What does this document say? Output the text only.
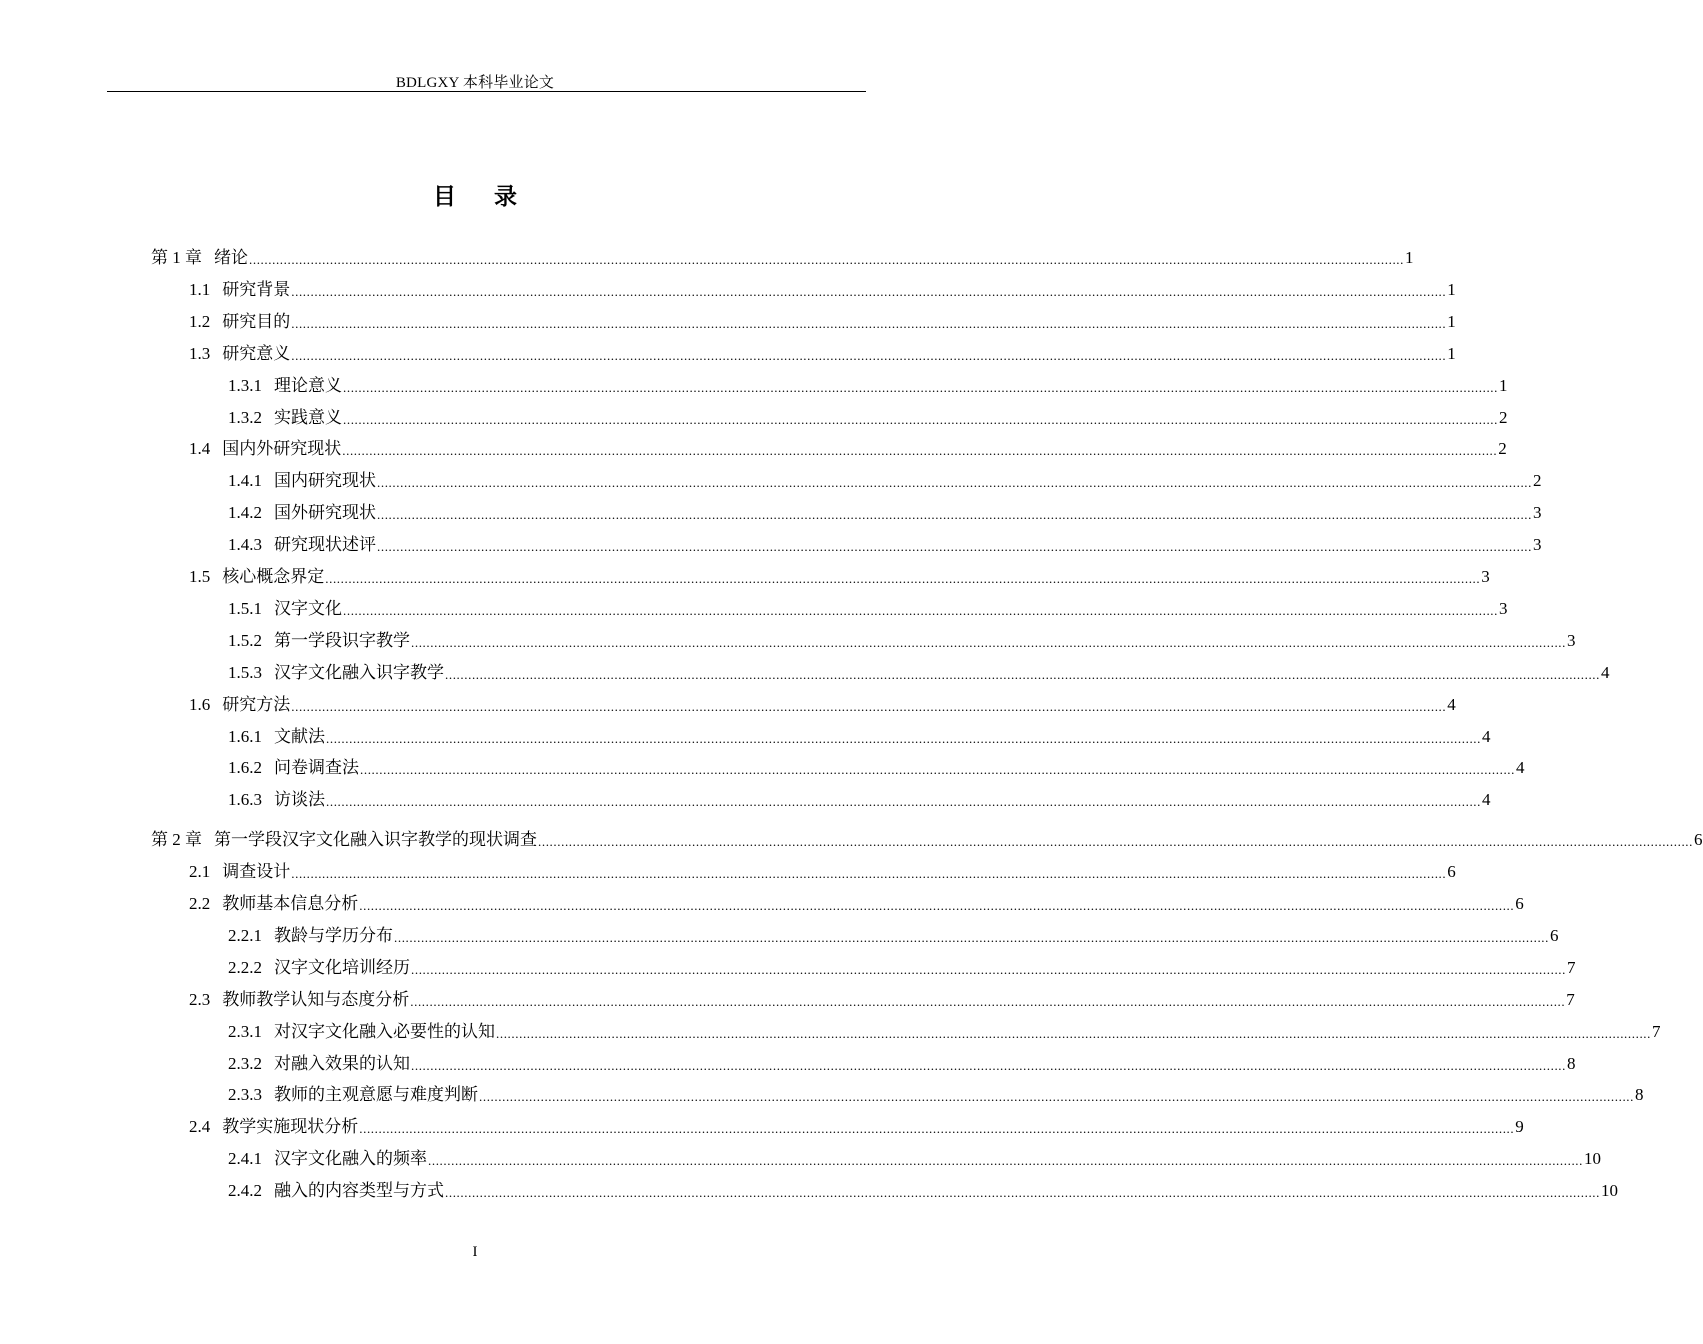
BDLGXY 本科毕业论文
目 录
第 1 章 绪论 ............................................................................................................................................................................................................................................................................................................ 1
1.1 研究背景 ............................................................................................................................................................................................................................................................................................................ 1
1.2 研究目的 ............................................................................................................................................................................................................................................................................................................ 1
1.3 研究意义 ............................................................................................................................................................................................................................................................................................................ 1
1.3.1 理论意义 ............................................................................................................................................................................................................................................................................................................ 1
1.3.2 实践意义 ............................................................................................................................................................................................................................................................................................................ 2
1.4 国内外研究现状 ............................................................................................................................................................................................................................................................................................................ 2
1.4.1 国内研究现状 ............................................................................................................................................................................................................................................................................................................ 2
1.4.2 国外研究现状 ............................................................................................................................................................................................................................................................................................................ 3
1.4.3 研究现状述评 ............................................................................................................................................................................................................................................................................................................ 3
1.5 核心概念界定 ............................................................................................................................................................................................................................................................................................................ 3
1.5.1 汉字文化 ............................................................................................................................................................................................................................................................................................................ 3
1.5.2 第一学段识字教学 ............................................................................................................................................................................................................................................................................................................ 3
1.5.3 汉字文化融入识字教学 ............................................................................................................................................................................................................................................................................................................ 4
1.6 研究方法 ............................................................................................................................................................................................................................................................................................................ 4
1.6.1 文献法 ............................................................................................................................................................................................................................................................................................................ 4
1.6.2 问卷调查法 ............................................................................................................................................................................................................................................................................................................ 4
1.6.3 访谈法 ............................................................................................................................................................................................................................................................................................................ 4
第 2 章 第一学段汉字文化融入识字教学的现状调查 ............................................................................................................................................................................................................................................................................................................ 6
2.1 调查设计 ............................................................................................................................................................................................................................................................................................................ 6
2.2 教师基本信息分析 ............................................................................................................................................................................................................................................................................................................ 6
2.2.1 教龄与学历分布 ............................................................................................................................................................................................................................................................................................................ 6
2.2.2 汉字文化培训经历 ............................................................................................................................................................................................................................................................................................................ 7
2.3 教师教学认知与态度分析 ............................................................................................................................................................................................................................................................................................................ 7
2.3.1 对汉字文化融入必要性的认知 ............................................................................................................................................................................................................................................................................................................ 7
2.3.2 对融入效果的认知 ............................................................................................................................................................................................................................................................................................................ 8
2.3.3 教师的主观意愿与难度判断 ............................................................................................................................................................................................................................................................................................................ 8
2.4 教学实施现状分析 ............................................................................................................................................................................................................................................................................................................ 9
2.4.1 汉字文化融入的频率 ............................................................................................................................................................................................................................................................................................................ 10
2.4.2 融入的内容类型与方式 ............................................................................................................................................................................................................................................................................................................ 10
I
